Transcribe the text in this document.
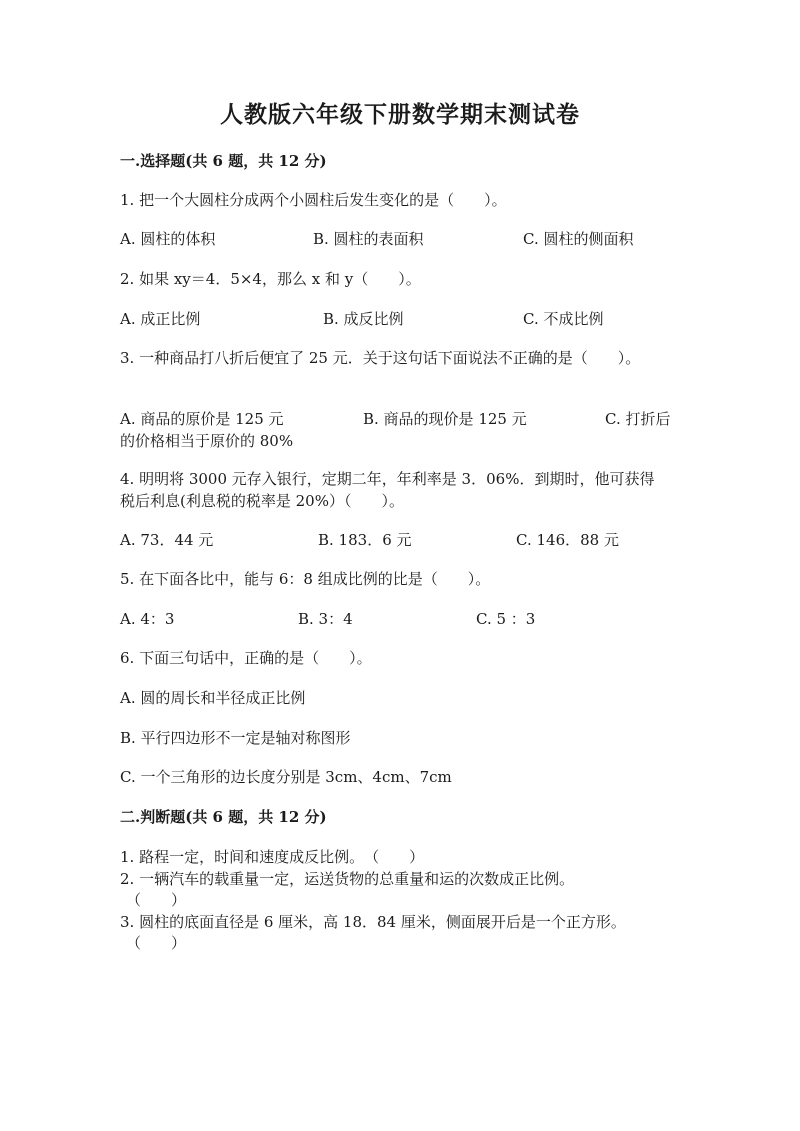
人教版六年级下册数学期末测试卷
一.选择题(共 6 题，共 12 分)
1. 把一个大圆柱分成两个小圆柱后发生变化的是（　　）。
A. 圆柱的体积	B. 圆柱的表面积	C. 圆柱的侧面积
2. 如果 xy＝4．5×4，那么 x 和 y（　　）。
A. 成正比例	B. 成反比例	C. 不成比例
3. 一种商品打八折后便宜了 25 元．关于这句话下面说法不正确的是（　　）。
A. 商品的原价是 125 元	B. 商品的现价是 125 元	C. 打折后
的价格相当于原价的 80%
4. 明明将 3000 元存入银行，定期二年，年利率是 3．06%．到期时，他可获得
税后利息(利息税的税率是 20%）（　　）。
A. 73．44 元	B. 183．6 元	C. 146．88 元
5. 在下面各比中，能与 6：8 组成比例的比是（　　）。
A. 4：3	B. 3：4	C. 5 ：3
6. 下面三句话中，正确的是（　　）。
A. 圆的周长和半径成正比例
B. 平行四边形不一定是轴对称图形
C. 一个三角形的边长度分别是 3cm、4cm、7cm
二.判断题(共 6 题，共 12 分)
1. 路程一定，时间和速度成反比例。　（　　）
2. 一辆汽车的载重量一定，运送货物的总重量和运的次数成正比例。
（　　）
3. 圆柱的底面直径是 6 厘米，高 18．84 厘米，侧面展开后是一个正方形。
（　　）
